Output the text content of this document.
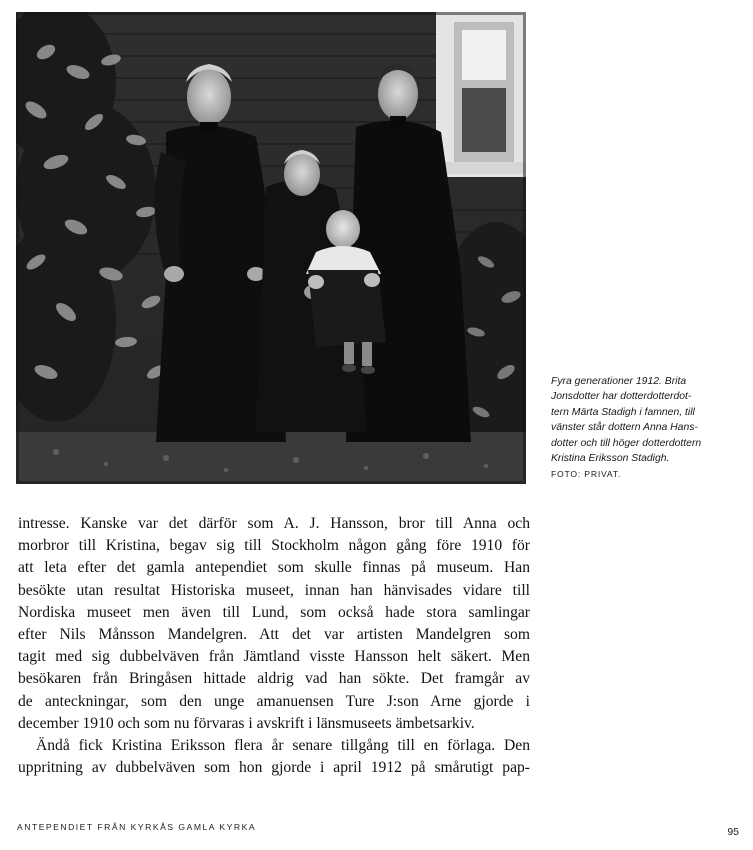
Fyra generationer 1912. Brita
Jonsdotter har dotterdotterdot-
tern Märta Stadigh i famnen, till
vänster står dottern Anna Hans-
dotter och till höger dotterdottern
Kristina Eriksson Stadigh.
FOTO: PRIVAT.
intresse. Kanske var det därför som A. J. Hansson, bror till Anna och
morbror till Kristina, begav sig till Stockholm någon gång före 1910 för
att leta efter det gamla antependiet som skulle finnas på museum. Han
besökte utan resultat Historiska museet, innan han hänvisades vidare till
Nordiska museet men även till Lund, som också hade stora samlingar
efter Nils Månsson Mandelgren. Att det var artisten Mandelgren som
tagit med sig dubbelväven från Jämtland visste Hansson helt säkert. Men
besökaren från Bringåsen hittade aldrig vad han sökte. Det framgår av
de anteckningar, som den unge amanuensen Ture J:son Arne gjorde i
december 1910 och som nu förvaras i avskrift i länsmuseets ämbetsarkiv.
Ändå fick Kristina Eriksson flera år senare tillgång till en förlaga. Den
uppritning av dubbelväven som hon gjorde i april 1912 på smårutigt pap-
ANTEPENDIET FRÅN KYRKÅS GAMLA KYRKA	95
